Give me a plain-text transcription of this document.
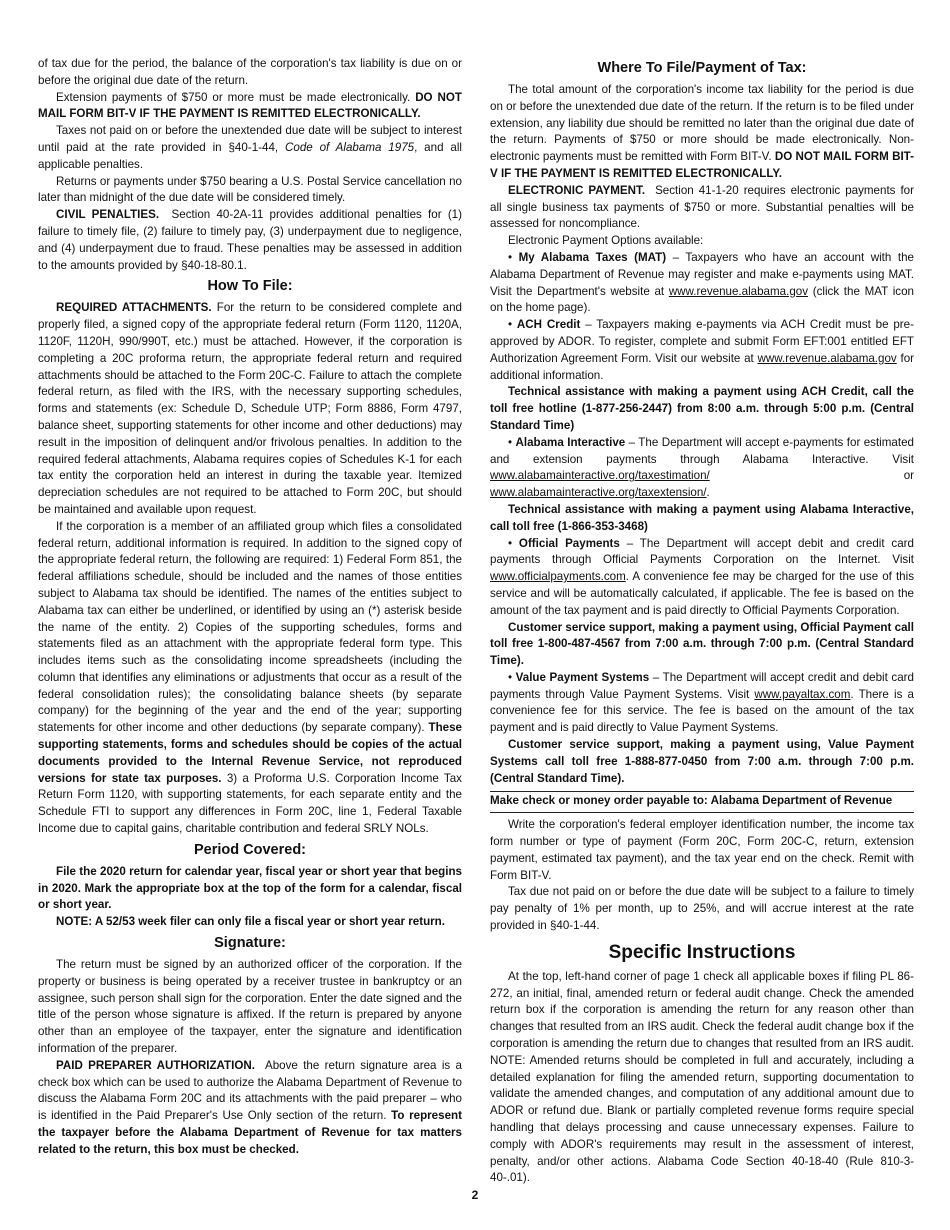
of tax due for the period, the balance of the corporation's tax liability is due on or before the original due date of the return.

Extension payments of $750 or more must be made electronically. DO NOT MAIL FORM BIT-V IF THE PAYMENT IS REMITTED ELECTRONICALLY.

Taxes not paid on or before the unextended due date will be subject to interest until paid at the rate provided in §40-1-44, Code of Alabama 1975, and all applicable penalties.

Returns or payments under $750 bearing a U.S. Postal Service cancellation no later than midnight of the due date will be considered timely.

CIVIL PENALTIES. Section 40-2A-11 provides additional penalties for (1) failure to timely file, (2) failure to timely pay, (3) underpayment due to negligence, and (4) underpayment due to fraud. These penalties may be assessed in addition to the amounts provided by §40-18-80.1.

How To File:

REQUIRED ATTACHMENTS. For the return to be considered complete and properly filed, a signed copy of the appropriate federal return (Form 1120, 1120A, 1120F, 1120H, 990/990T, etc.) must be attached. However, if the corporation is completing a 20C proforma return, the appropriate federal return and required attachments should be attached to the Form 20C-C. Failure to attach the complete federal return, as filed with the IRS, with the necessary supporting schedules, forms and statements (ex: Schedule D, Schedule UTP; Form 8886, Form 4797, balance sheet, supporting statements for other income and other deductions) may result in the imposition of delinquent and/or frivolous penalties. In addition to the required federal attachments, Alabama requires copies of Schedules K-1 for each tax entity the corporation held an interest in during the taxable year. Itemized depreciation schedules are not required to be attached to Form 20C, but should be maintained and available upon request.

If the corporation is a member of an affiliated group which files a consolidated federal return, additional information is required. In addition to the signed copy of the appropriate federal return, the following are required: 1) Federal Form 851, the federal affiliations schedule, should be included and the names of those entities subject to Alabama tax should be identified. The names of the entities subject to Alabama tax can either be underlined, or identified by using an (*) asterisk beside the name of the entity. 2) Copies of the supporting schedules, forms and statements filed as an attachment with the appropriate federal form type. This includes items such as the consolidating income spreadsheets (including the column that identifies any eliminations or adjustments that occur as a result of the federal consolidation rules); the consolidating balance sheets (by separate company) for the beginning of the year and the end of the year; supporting statements for other income and other deductions (by separate company). These supporting statements, forms and schedules should be copies of the actual documents provided to the Internal Revenue Service, not reproduced versions for state tax purposes. 3) a Proforma U.S. Corporation Income Tax Return Form 1120, with supporting statements, for each separate entity and the Schedule FTI to support any differences in Form 20C, line 1, Federal Taxable Income due to capital gains, charitable contribution and federal SRLY NOLs.

Period Covered:

File the 2020 return for calendar year, fiscal year or short year that begins in 2020. Mark the appropriate box at the top of the form for a calendar, fiscal or short year.

NOTE: A 52/53 week filer can only file a fiscal year or short year return.

Signature:

The return must be signed by an authorized officer of the corporation. If the property or business is being operated by a receiver trustee in bankruptcy or an assignee, such person shall sign for the corporation. Enter the date signed and the title of the person whose signature is affixed. If the return is prepared by anyone other than an employee of the taxpayer, enter the signature and identification information of the preparer.

PAID PREPARER AUTHORIZATION. Above the return signature area is a check box which can be used to authorize the Alabama Department of Revenue to discuss the Alabama Form 20C and its attachments with the paid preparer – who is identified in the Paid Preparer's Use Only section of the return. To represent the taxpayer before the Alabama Department of Revenue for tax matters related to the return, this box must be checked.

Where To File/Payment of Tax:

The total amount of the corporation's income tax liability for the period is due on or before the unextended due date of the return. If the return is to be filed under extension, any liability due should be remitted no later than the original due date of the return. Payments of $750 or more should be made electronically. Non-electronic payments must be remitted with Form BIT-V. DO NOT MAIL FORM BIT-V IF THE PAYMENT IS REMITTED ELECTRONICALLY.

ELECTRONIC PAYMENT. Section 41-1-20 requires electronic payments for all single business tax payments of $750 or more. Substantial penalties will be assessed for noncompliance.

Electronic Payment Options available:

• My Alabama Taxes (MAT) – Taxpayers who have an account with the Alabama Department of Revenue may register and make e-payments using MAT. Visit the Department's website at www.revenue.alabama.gov (click the MAT icon on the home page).

• ACH Credit – Taxpayers making e-payments via ACH Credit must be pre-approved by ADOR. To register, complete and submit Form EFT:001 entitled EFT Authorization Agreement Form. Visit our website at www.revenue.alabama.gov for additional information.

Technical assistance with making a payment using ACH Credit, call the toll free hotline (1-877-256-2447) from 8:00 a.m. through 5:00 p.m. (Central Standard Time)

• Alabama Interactive – The Department will accept e-payments for estimated and extension payments through Alabama Interactive. Visit www.alabamainteractive.org/taxestimation/	or www.alabamainteractive.org/taxextension/.

Technical assistance with making a payment using Alabama Interactive, call toll free (1-866-353-3468)

• Official Payments – The Department will accept debit and credit card payments through Official Payments Corporation on the Internet. Visit www.officialpayments.com. A convenience fee may be charged for the use of this service and will be automatically calculated, if applicable. The fee is based on the amount of the tax payment and is paid directly to Official Payments Corporation.

Customer service support, making a payment using, Official Payment call toll free 1-800-487-4567 from 7:00 a.m. through 7:00 p.m. (Central Standard Time).

• Value Payment Systems – The Department will accept credit and debit card payments through Value Payment Systems. Visit www.payaltax.com. There is a convenience fee for this service. The fee is based on the amount of the tax payment and is paid directly to Value Payment Systems.

Customer service support, making a payment using, Value Payment Systems call toll free 1-888-877-0450 from 7:00 a.m. through 7:00 p.m. (Central Standard Time).

Make check or money order payable to: Alabama Department of Revenue

Write the corporation's federal employer identification number, the income tax form number or type of payment (Form 20C, Form 20C-C, return, extension payment, estimated tax payment), and the tax year end on the check. Remit with Form BIT-V.

Tax due not paid on or before the due date will be subject to a failure to timely pay penalty of 1% per month, up to 25%, and will accrue interest at the rate provided in §40-1-44.

Specific Instructions

At the top, left-hand corner of page 1 check all applicable boxes if filing PL 86-272, an initial, final, amended return or federal audit change. Check the amended return box if the corporation is amending the return for any reason other than changes that resulted from an IRS audit. Check the federal audit change box if the corporation is amending the return due to changes that resulted from an IRS audit. NOTE: Amended returns should be completed in full and accurately, including a detailed explanation for filing the amended return, supporting documentation to validate the amended changes, and computation of any additional amount due to ADOR or refund due. Blank or partially completed revenue forms require special handling that delays processing and cause unnecessary expenses. Failure to comply with ADOR's requirements may result in the assessment of interest, penalty, and/or other actions. Alabama Code Section 40-18-40 (Rule 810-3-40-.01).

2
